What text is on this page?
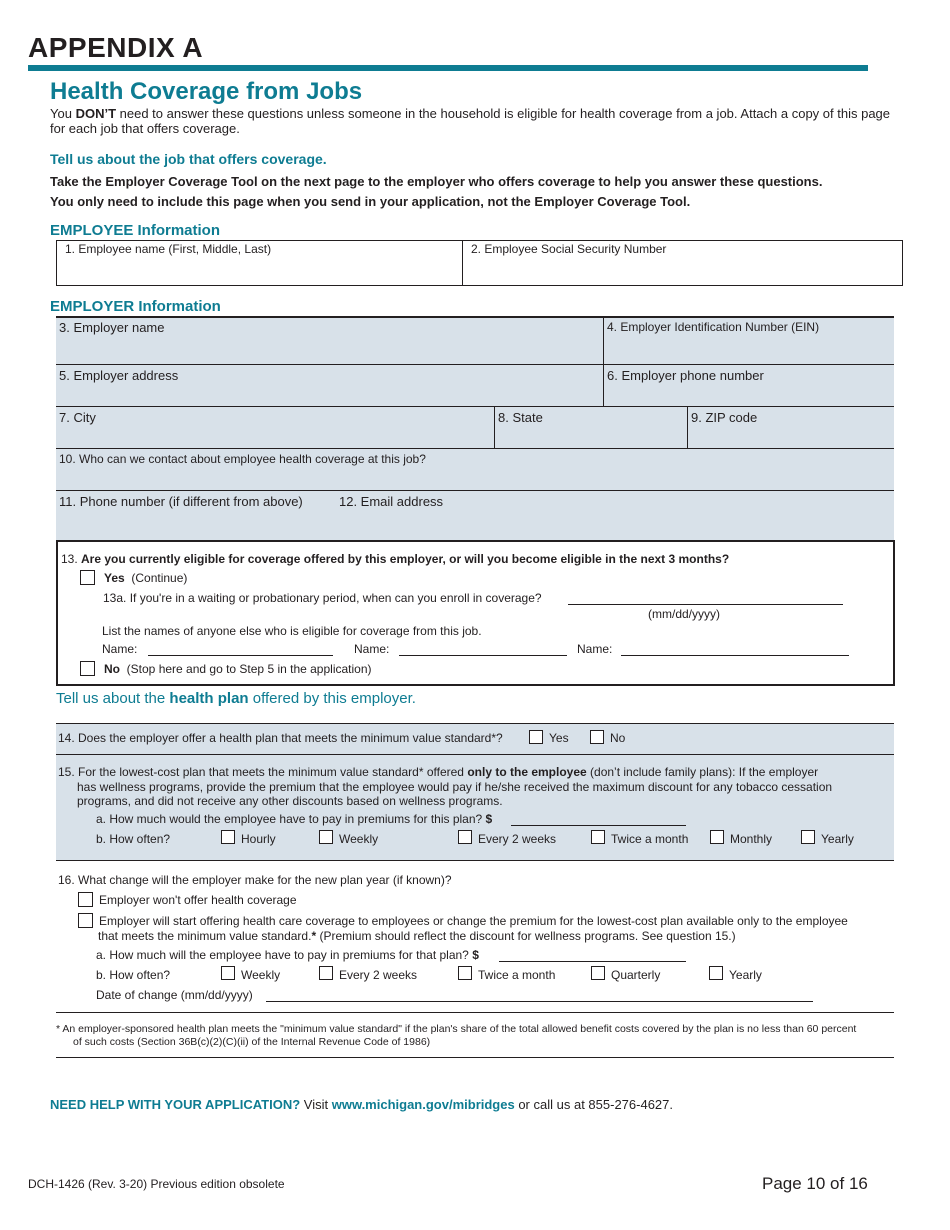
APPENDIX A
Health Coverage from Jobs
You DON’T need to answer these questions unless someone in the household is eligible for health coverage from a job. Attach a copy of this page for each job that offers coverage.
Tell us about the job that offers coverage.
Take the Employer Coverage Tool on the next page to the employer who offers coverage to help you answer these questions.
You only need to include this page when you send in your application, not the Employer Coverage Tool.
EMPLOYEE Information
1. Employee name (First, Middle, Last)	2. Employee Social Security Number
EMPLOYER Information
3. Employer name	4. Employer Identification Number (EIN)
5. Employer address	6. Employer phone number
7. City	8. State	9. ZIP code
10. Who can we contact about employee health coverage at this job?
11. Phone number (if different from above)	12. Email address
13. Are you currently eligible for coverage offered by this employer, or will you become eligible in the next 3 months?
Yes (Continue)
13a. If you're in a waiting or probationary period, when can you enroll in coverage?
(mm/dd/yyyy)
List the names of anyone else who is eligible for coverage from this job.
Name:	Name:	Name:
No (Stop here and go to Step 5 in the application)
Tell us about the health plan offered by this employer.
14. Does the employer offer a health plan that meets the minimum value standard*?	Yes	No
15. For the lowest-cost plan that meets the minimum value standard* offered only to the employee (don’t include family plans): If the employer
has wellness programs, provide the premium that the employee would pay if he/she received the maximum discount for any tobacco cessation
programs, and did not receive any other discounts based on wellness programs.
a. How much would the employee have to pay in premiums for this plan? $
b. How often?	Hourly	Weekly	Every 2 weeks	Twice a month	Monthly	Yearly
16. What change will the employer make for the new plan year (if known)?
Employer won't offer health coverage
Employer will start offering health care coverage to employees or change the premium for the lowest-cost plan available only to the employee
that meets the minimum value standard.* (Premium should reflect the discount for wellness programs. See question 15.)
a. How much will the employee have to pay in premiums for that plan? $
b. How often?	Weekly	Every 2 weeks	Twice a month	Quarterly	Yearly
Date of change (mm/dd/yyyy)
* An employer-sponsored health plan meets the "minimum value standard" if the plan's share of the total allowed benefit costs covered by the plan is no less than 60 percent
of such costs (Section 36B(c)(2)(C)(ii) of the Internal Revenue Code of 1986)
NEED HELP WITH YOUR APPLICATION? Visit www.michigan.gov/mibridges or call us at 855-276-4627.
DCH-1426 (Rev. 3-20) Previous edition obsolete	Page 10 of 16
